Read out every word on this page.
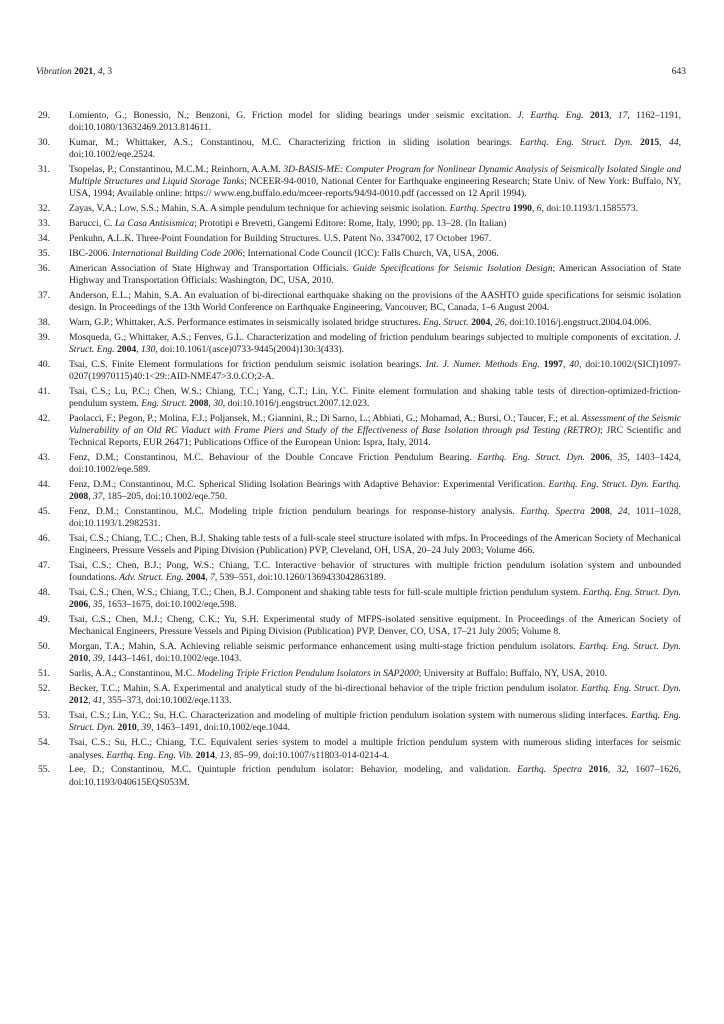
Vibration 2021, 4, 3	643
29.	Lomiento, G.; Bonessio, N.; Benzoni, G. Friction model for sliding bearings under seismic excitation. J. Earthq. Eng. 2013, 17, 1162–1191, doi:10.1080/13632469.2013.814611.
30.	Kumar, M.; Whittaker, A.S.; Constantinou, M.C. Characterizing friction in sliding isolation bearings. Earthq. Eng. Struct. Dyn. 2015, 44, doi:10.1002/eqe.2524.
31.	Tsopelas, P.; Constantinou, M.C.M.; Reinhorn, A.A.M. 3D-BASIS-ME: Computer Program for Nonlinear Dynamic Analysis of Seismically Isolated Single and Multiple Structures and Liquid Storage Tanks; NCEER-94-0010, National Center for Earthquake engineering Research; State Univ. of New York: Buffalo, NY, USA, 1994; Available online: https:// www.eng.buffalo.edu/mceer-reports/94/94-0010.pdf (accessed on 12 April 1994).
32.	Zayas, V.A.; Low, S.S.; Mahin, S.A. A simple pendulum technique for achieving seismic isolation. Earthq. Spectra 1990, 6, doi:10.1193/1.1585573.
33.	Barucci, C. La Casa Antisismica; Prototipi e Brevetti, Gangemi Editore: Rome, Italy, 1990; pp. 13–28. (In Italian)
34.	Penkuhn, A.L.K. Three-Point Foundation for Building Structures. U.S. Patent No. 3347002, 17 October 1967.
35.	IBC-2006. International Building Code 2006; International Code Council (ICC): Falls Church, VA, USA, 2006.
36.	American Association of State Highway and Transportation Officials. Guide Specifications for Seismic Isolation Design; American Association of State Highway and Transportation Officials: Washington, DC, USA, 2010.
37.	Anderson, E.L.; Mahin, S.A. An evaluation of bi-directional earthquake shaking on the provisions of the AASHTO guide specifications for seismic isolation design. In Proceedings of the 13th World Conference on Earthquake Engineering, Vancouver, BC, Canada, 1–6 August 2004.
38.	Warn, G.P.; Whittaker, A.S. Performance estimates in seismically isolated bridge structures. Eng. Struct. 2004, 26, doi:10.1016/j.engstruct.2004.04.006.
39.	Mosqueda, G.; Whittaker, A.S.; Fenves, G.L. Characterization and modeling of friction pendulum bearings subjected to multiple components of excitation. J. Struct. Eng. 2004, 130, doi:10.1061/(asce)0733-9445(2004)130:3(433).
40.	Tsai, C.S. Finite Element formulations for friction pendulum seismic isolation bearings. Int. J. Numer. Methods Eng. 1997, 40, doi:10.1002/(SICI)1097-0207(19970115)40:1<29::AID-NME47>3.0.CO;2-A.
41.	Tsai, C.S.; Lu, P.C.; Chen, W.S.; Chiang, T.C.; Yang, C.T.; Lin, Y.C. Finite element formulation and shaking table tests of direction-optimized-friction-pendulum system. Eng. Struct. 2008, 30, doi:10.1016/j.engstruct.2007.12.023.
42.	Paolacci, F.; Pegon, P.; Molina, F.J.; Poljansek, M.; Giannini, R.; Di Sarno, L.; Abbiati, G.; Mohamad, A.; Bursi, O.; Taucer, F.; et al. Assessment of the Seismic Vulnerability of an Old RC Viaduct with Frame Piers and Study of the Effectiveness of Base Isolation through psd Testing (RETRO); JRC Scientific and Technical Reports, EUR 26471; Publications Office of the European Union: Ispra, Italy, 2014.
43.	Fenz, D.M.; Constantinou, M.C. Behaviour of the Double Concave Friction Pendulum Bearing. Earthq. Eng. Struct. Dyn. 2006, 35, 1403–1424, doi:10.1002/eqe.589.
44.	Fenz, D.M.; Constantinou, M.C. Spherical Sliding Isolation Bearings with Adaptive Behavior: Experimental Verification. Earthq. Eng. Struct. Dyn. Earthq. 2008, 37, 185–205, doi:10.1002/eqe.750.
45.	Fenz, D.M.; Constantinou, M.C. Modeling triple friction pendulum bearings for response-history analysis. Earthq. Spectra 2008, 24, 1011–1028, doi:10.1193/1.2982531.
46.	Tsai, C.S.; Chiang, T.C.; Chen, B.J. Shaking table tests of a full-scale steel structure isolated with mfps. In Proceedings of the American Society of Mechanical Engineers, Pressure Vessels and Piping Division (Publication) PVP, Cleveland, OH, USA, 20–24 July 2003; Volume 466.
47.	Tsai, C.S.; Chen, B.J.; Pong, W.S.; Chiang, T.C. Interactive behavior of structures with multiple friction pendulum isolation system and unbounded foundations. Adv. Struct. Eng. 2004, 7, 539–551, doi:10.1260/1369433042863189.
48.	Tsai, C.S.; Chen, W.S.; Chiang, T.C.; Chen, B.J. Component and shaking table tests for full-scale multiple friction pendulum system. Earthq. Eng. Struct. Dyn. 2006, 35, 1653–1675, doi:10.1002/eqe.598.
49.	Tsai, C.S.; Chen, M.J.; Cheng, C.K.; Yu, S.H. Experimental study of MFPS-isolated sensitive equipment. In Proceedings of the American Society of Mechanical Engineers, Pressure Vessels and Piping Division (Publication) PVP, Denver, CO, USA, 17–21 July 2005; Volume 8.
50.	Morgan, T.A.; Mahin, S.A. Achieving reliable seismic performance enhancement using multi-stage friction pendulum isolators. Earthq. Eng. Struct. Dyn. 2010, 39, 1443–1461, doi:10.1002/eqe.1043.
51.	Sarlis, A.A.; Constantinou, M.C. Modeling Triple Friction Pendulum Isolators in SAP2000; University at Buffalo: Buffalo, NY, USA, 2010.
52.	Becker, T.C.; Mahin, S.A. Experimental and analytical study of the bi-directional behavior of the triple friction pendulum isolator. Earthq. Eng. Struct. Dyn. 2012, 41, 355–373, doi:10.1002/eqe.1133.
53.	Tsai, C.S.; Lin, Y.C.; Su, H.C. Characterization and modeling of multiple friction pendulum isolation system with numerous sliding interfaces. Earthq. Eng. Struct. Dyn. 2010, 39, 1463–1491, doi:10.1002/eqe.1044.
54.	Tsai, C.S.; Su, H.C.; Chiang, T.C. Equivalent series system to model a multiple friction pendulum system with numerous sliding interfaces for seismic analyses. Earthq. Eng. Eng. Vib. 2014, 13, 85–99, doi:10.1007/s11803-014-0214-4.
55.	Lee, D.; Constantinou, M.C. Quintuple friction pendulum isolator: Behavior, modeling, and validation. Earthq. Spectra 2016, 32, 1607–1626, doi:10.1193/040615EQS053M.
